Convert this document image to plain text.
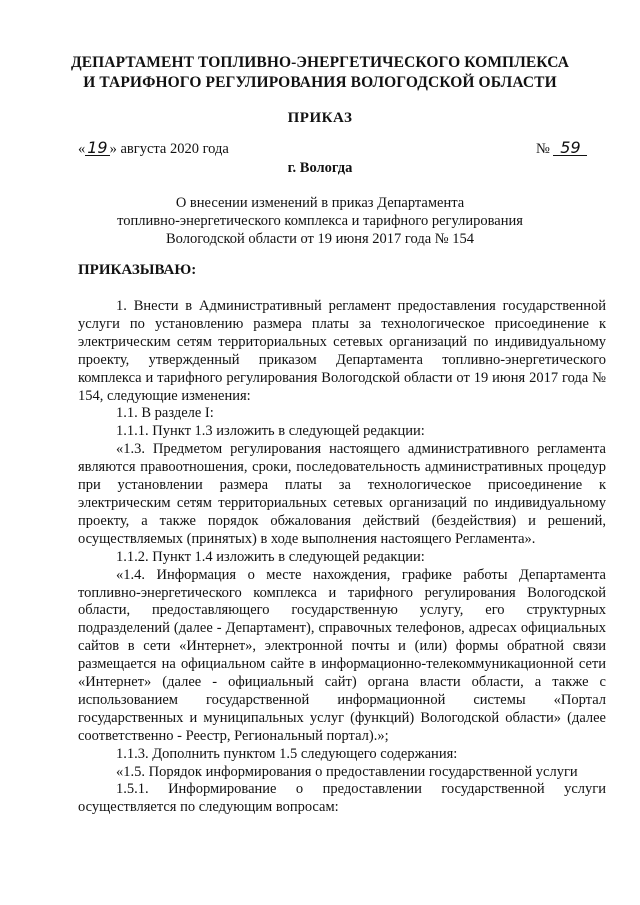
ДЕПАРТАМЕНТ ТОПЛИВНО-ЭНЕРГЕТИЧЕСКОГО КОМПЛЕКСА
И ТАРИФНОГО РЕГУЛИРОВАНИЯ ВОЛОГОДСКОЙ ОБЛАСТИ
ПРИКАЗ
« 19 » августа 2020 года	№ 59
г. Вологда
О внесении изменений в приказ Департамента
топливно-энергетического комплекса и тарифного регулирования
Вологодской области от 19 июня 2017 года № 154
ПРИКАЗЫВАЮ:

1. Внести в Административный регламент предоставления государственной услуги по установлению размера платы за технологическое присоединение к электрическим сетям территориальных сетевых организаций по индивидуальному проекту, утвержденный приказом Департамента топливно-энергетического комплекса и тарифного регулирования Вологодской области от 19 июня 2017 года № 154, следующие изменения:

1.1. В разделе I:

1.1.1. Пункт 1.3 изложить в следующей редакции:

«1.3. Предметом регулирования настоящего административного регламента являются правоотношения, сроки, последовательность административных процедур при установлении размера платы за технологическое присоединение к электрическим сетям территориальных сетевых организаций по индивидуальному проекту, а также порядок обжалования действий (бездействия) и решений, осуществляемых (принятых) в ходе выполнения настоящего Регламента».

1.1.2. Пункт 1.4 изложить в следующей редакции:

«1.4. Информация о месте нахождения, графике работы Департамента топливно-энергетического комплекса и тарифного регулирования Вологодской области, предоставляющего государственную услугу, его структурных подразделений (далее - Департамент), справочных телефонов, адресах официальных сайтов в сети «Интернет», электронной почты и (или) формы обратной связи размещается на официальном сайте в информационно-телекоммуникационной сети «Интернет» (далее - официальный сайт) органа власти области, а также с использованием государственной информационной системы «Портал государственных и муниципальных услуг (функций) Вологодской области» (далее соответственно - Реестр, Региональный портал).»;

1.1.3. Дополнить пунктом 1.5 следующего содержания:

«1.5. Порядок информирования о предоставлении государственной услуги

1.5.1. Информирование о предоставлении государственной услуги осуществляется по следующим вопросам:
